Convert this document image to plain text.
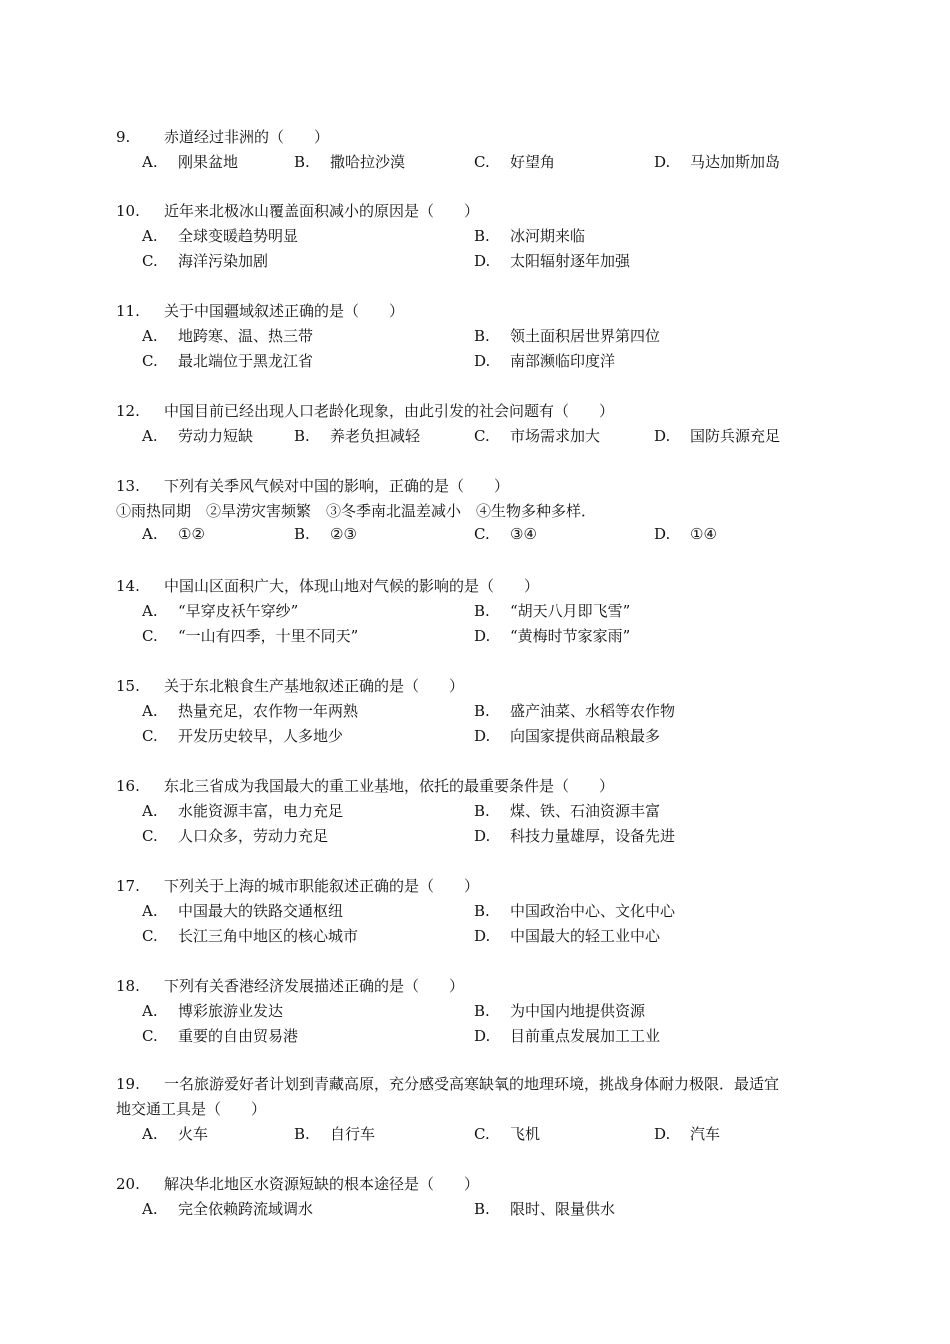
9. 赤道经过非洲的（　　）
A. 刚果盆地	B. 撒哈拉沙漠	C. 好望角	D. 马达加斯加岛
10. 近年来北极冰山覆盖面积减小的原因是（　　）
A. 全球变暖趋势明显	B. 冰河期来临
C. 海洋污染加剧	D. 太阳辐射逐年加强
11. 关于中国疆域叙述正确的是（　　）
A. 地跨寒、温、热三带	B. 领土面积居世界第四位
C. 最北端位于黑龙江省	D. 南部濒临印度洋
12. 中国目前已经出现人口老龄化现象，由此引发的社会问题有（　　）
A. 劳动力短缺	B. 养老负担减轻	C. 市场需求加大	D. 国防兵源充足
13. 下列有关季风气候对中国的影响，正确的是（　　）
①雨热同期　②旱涝灾害频繁　③冬季南北温差减小　④生物多种多样．
A. ①②	B. ②③	C. ③④	D. ①④
14. 中国山区面积广大，体现山地对气候的影响的是（　　）
A. “早穿皮袄午穿纱”	B. “胡天八月即飞雪”
C. “一山有四季，十里不同天”	D. “黄梅时节家家雨”
15. 关于东北粮食生产基地叙述正确的是（　　）
A. 热量充足，农作物一年两熟	B. 盛产油菜、水稻等农作物
C. 开发历史较早，人多地少	D. 向国家提供商品粮最多
16. 东北三省成为我国最大的重工业基地，依托的最重要条件是（　　）
A. 水能资源丰富，电力充足	B. 煤、铁、石油资源丰富
C. 人口众多，劳动力充足	D. 科技力量雄厚，设备先进
17. 下列关于上海的城市职能叙述正确的是（　　）
A. 中国最大的铁路交通枢纽	B. 中国政治中心、文化中心
C. 长江三角中地区的核心城市	D. 中国最大的轻工业中心
18. 下列有关香港经济发展描述正确的是（　　）
A. 博彩旅游业发达	B. 为中国内地提供资源
C. 重要的自由贸易港	D. 目前重点发展加工工业
19. 一名旅游爱好者计划到青藏高原，充分感受高寒缺氧的地理环境，挑战身体耐力极限．最适宜
地交通工具是（　　）
A. 火车	B. 自行车	C. 飞机	D. 汽车
20. 解决华北地区水资源短缺的根本途径是（　　）
A. 完全依赖跨流域调水	B. 限时、限量供水
